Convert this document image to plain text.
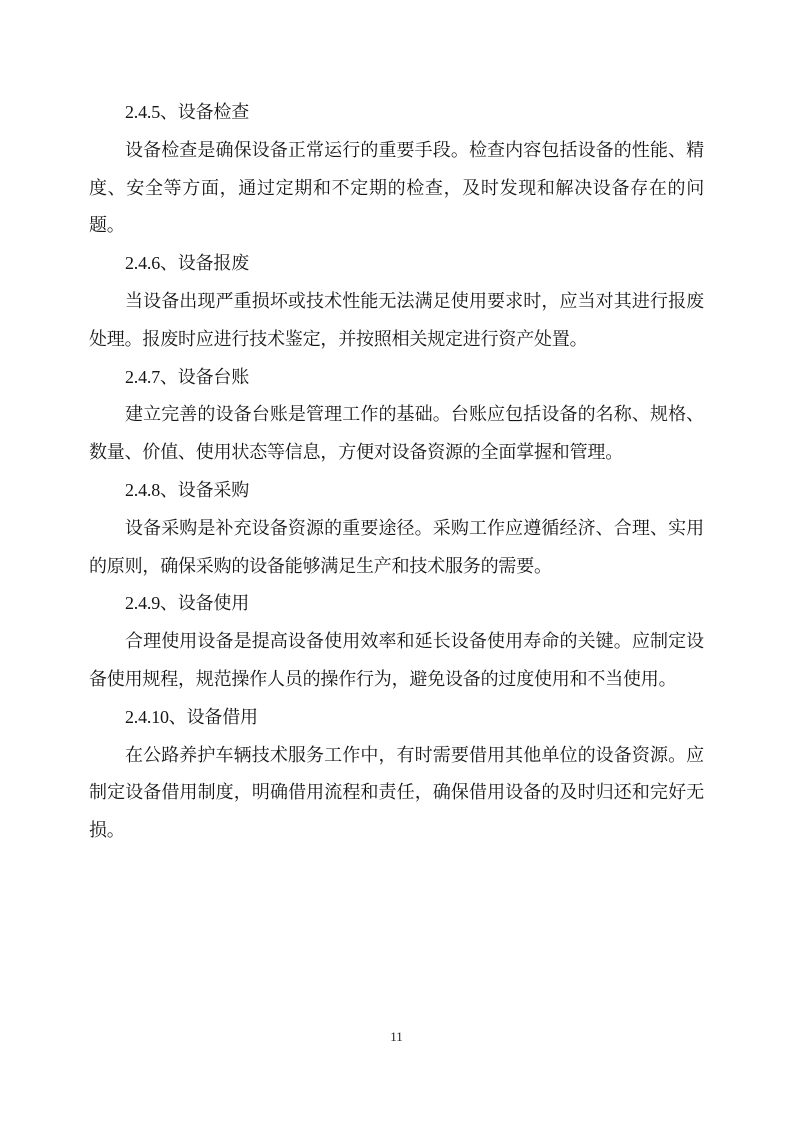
2.4.5、设备检查

设备检查是确保设备正常运行的重要手段。检查内容包括设备的性能、精度、安全等方面，通过定期和不定期的检查，及时发现和解决设备存在的问题。

2.4.6、设备报废

当设备出现严重损坏或技术性能无法满足使用要求时，应当对其进行报废处理。报废时应进行技术鉴定，并按照相关规定进行资产处置。

2.4.7、设备台账

建立完善的设备台账是管理工作的基础。台账应包括设备的名称、规格、数量、价值、使用状态等信息，方便对设备资源的全面掌握和管理。

2.4.8、设备采购

设备采购是补充设备资源的重要途径。采购工作应遵循经济、合理、实用的原则，确保采购的设备能够满足生产和技术服务的需要。

2.4.9、设备使用

合理使用设备是提高设备使用效率和延长设备使用寿命的关键。应制定设备使用规程，规范操作人员的操作行为，避免设备的过度使用和不当使用。

2.4.10、设备借用

在公路养护车辆技术服务工作中，有时需要借用其他单位的设备资源。应制定设备借用制度，明确借用流程和责任，确保借用设备的及时归还和完好无损。

11
